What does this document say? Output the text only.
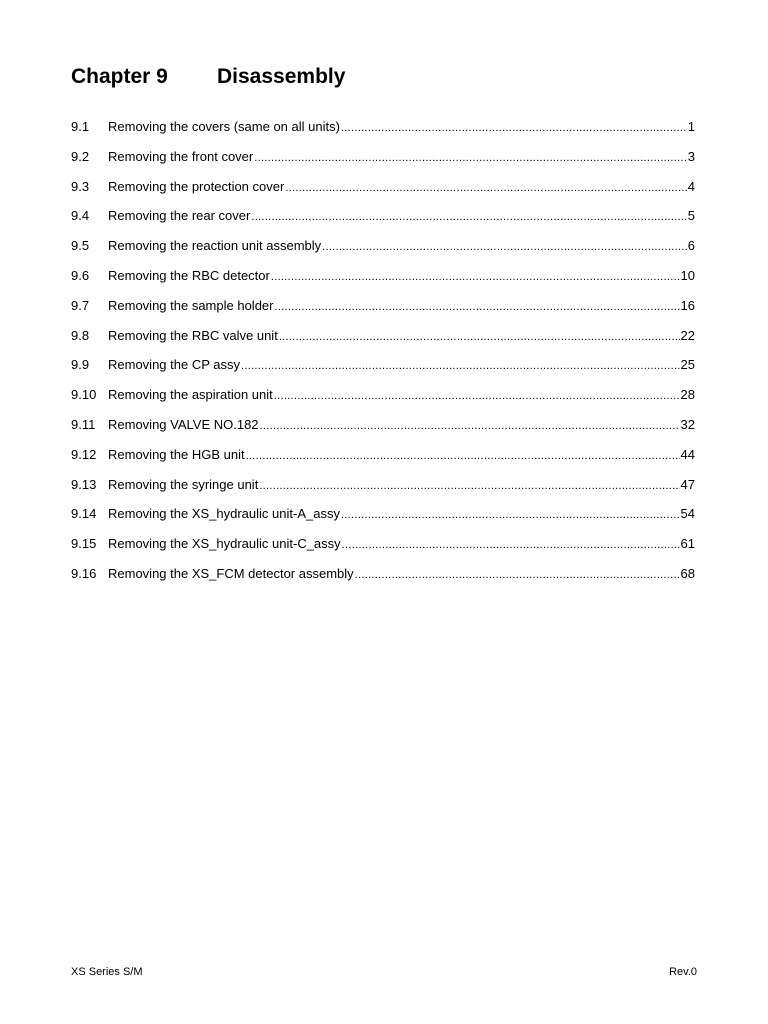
Chapter 9 Disassembly
9.1	Removing the covers (same on all units) .....	1
9.2	Removing the front cover .....	3
9.3	Removing the protection cover .....	4
9.4	Removing the rear cover .....	5
9.5	Removing the reaction unit assembly .....	6
9.6	Removing the RBC detector .....	10
9.7	Removing the sample holder .....	16
9.8	Removing the RBC valve unit .....	22
9.9	Removing the CP assy .....	25
9.10 Removing the aspiration unit .....	28
9.11 Removing VALVE NO.182 .....	32
9.12 Removing the HGB unit .....	44
9.13 Removing the syringe unit .....	47
9.14 Removing the XS_hydraulic unit-A_assy .....	54
9.15 Removing the XS_hydraulic unit-C_assy .....	61
9.16 Removing the XS_FCM detector assembly .....	68
XS Series S/M	Rev.0
